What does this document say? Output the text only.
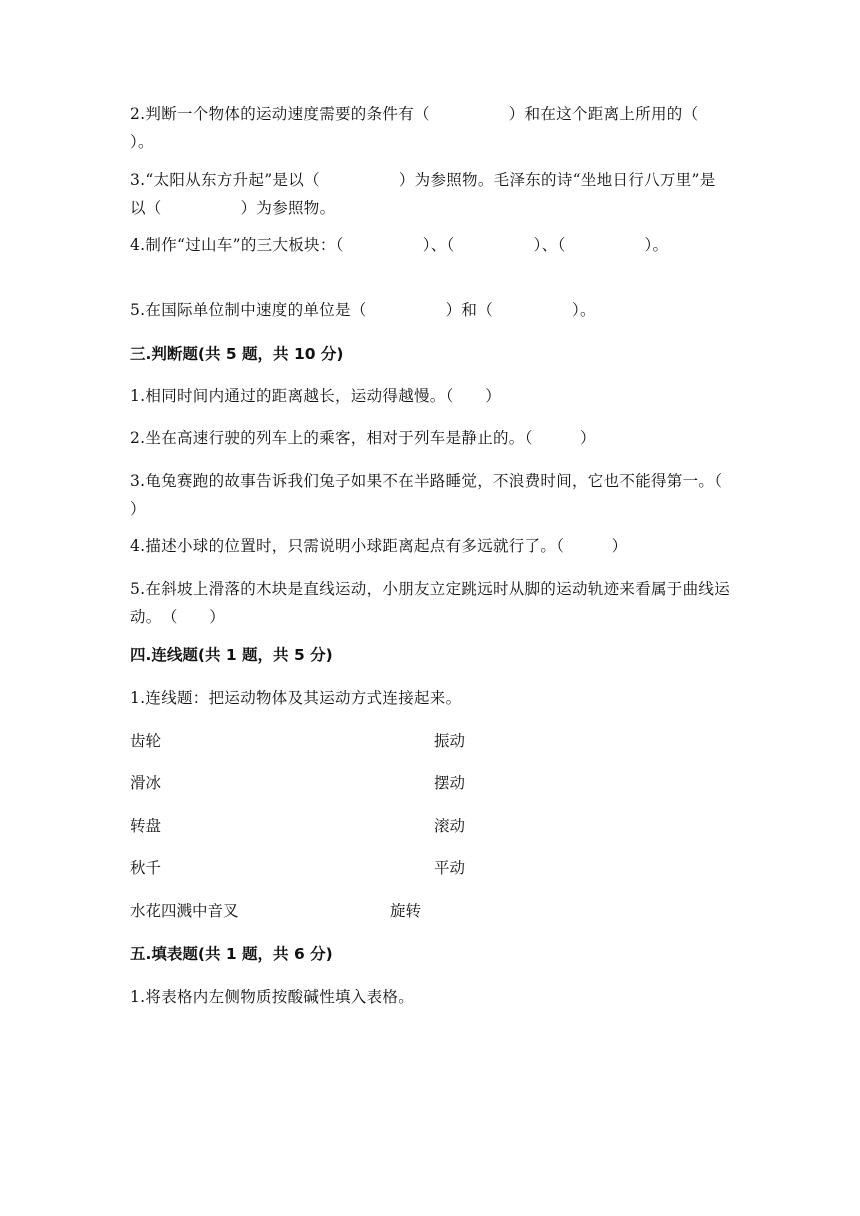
2.判断一个物体的运动速度需要的条件有（　　　　　）和在这个距离上所用的（　　　　　）。
3.“太阳从东方升起”是以（　　　　　）为参照物。毛泽东的诗“坐地日行八万里”是以（　　　　　）为参照物。
4.制作“过山车”的三大板块：（　　　　　）、（　　　　　）、（　　　　　）。
5.在国际单位制中速度的单位是（　　　　　）和（　　　　　）。
三.判断题(共 5 题，共 10 分)
1.相同时间内通过的距离越长，运动得越慢。（　　）
2.坐在高速行驶的列车上的乘客，相对于列车是静止的。（　　　）
3.龟兔赛跑的故事告诉我们兔子如果不在半路睡觉，不浪费时间，它也不能得第一。（　　　）
4.描述小球的位置时，只需说明小球距离起点有多远就行了。（　　　）
5.在斜坡上滑落的木块是直线运动，小朋友立定跳远时从脚的运动轨迹来看属于曲线运动。　（　　）
四.连线题(共 1 题，共 5 分)
1.连线题：把运动物体及其运动方式连接起来。
齿轮	振动
滑冰	摆动
转盘	滚动
秋千	平动
水花四溅中音叉	旋转
五.填表题(共 1 题，共 6 分)
1.将表格内左侧物质按酸碱性填入表格。
